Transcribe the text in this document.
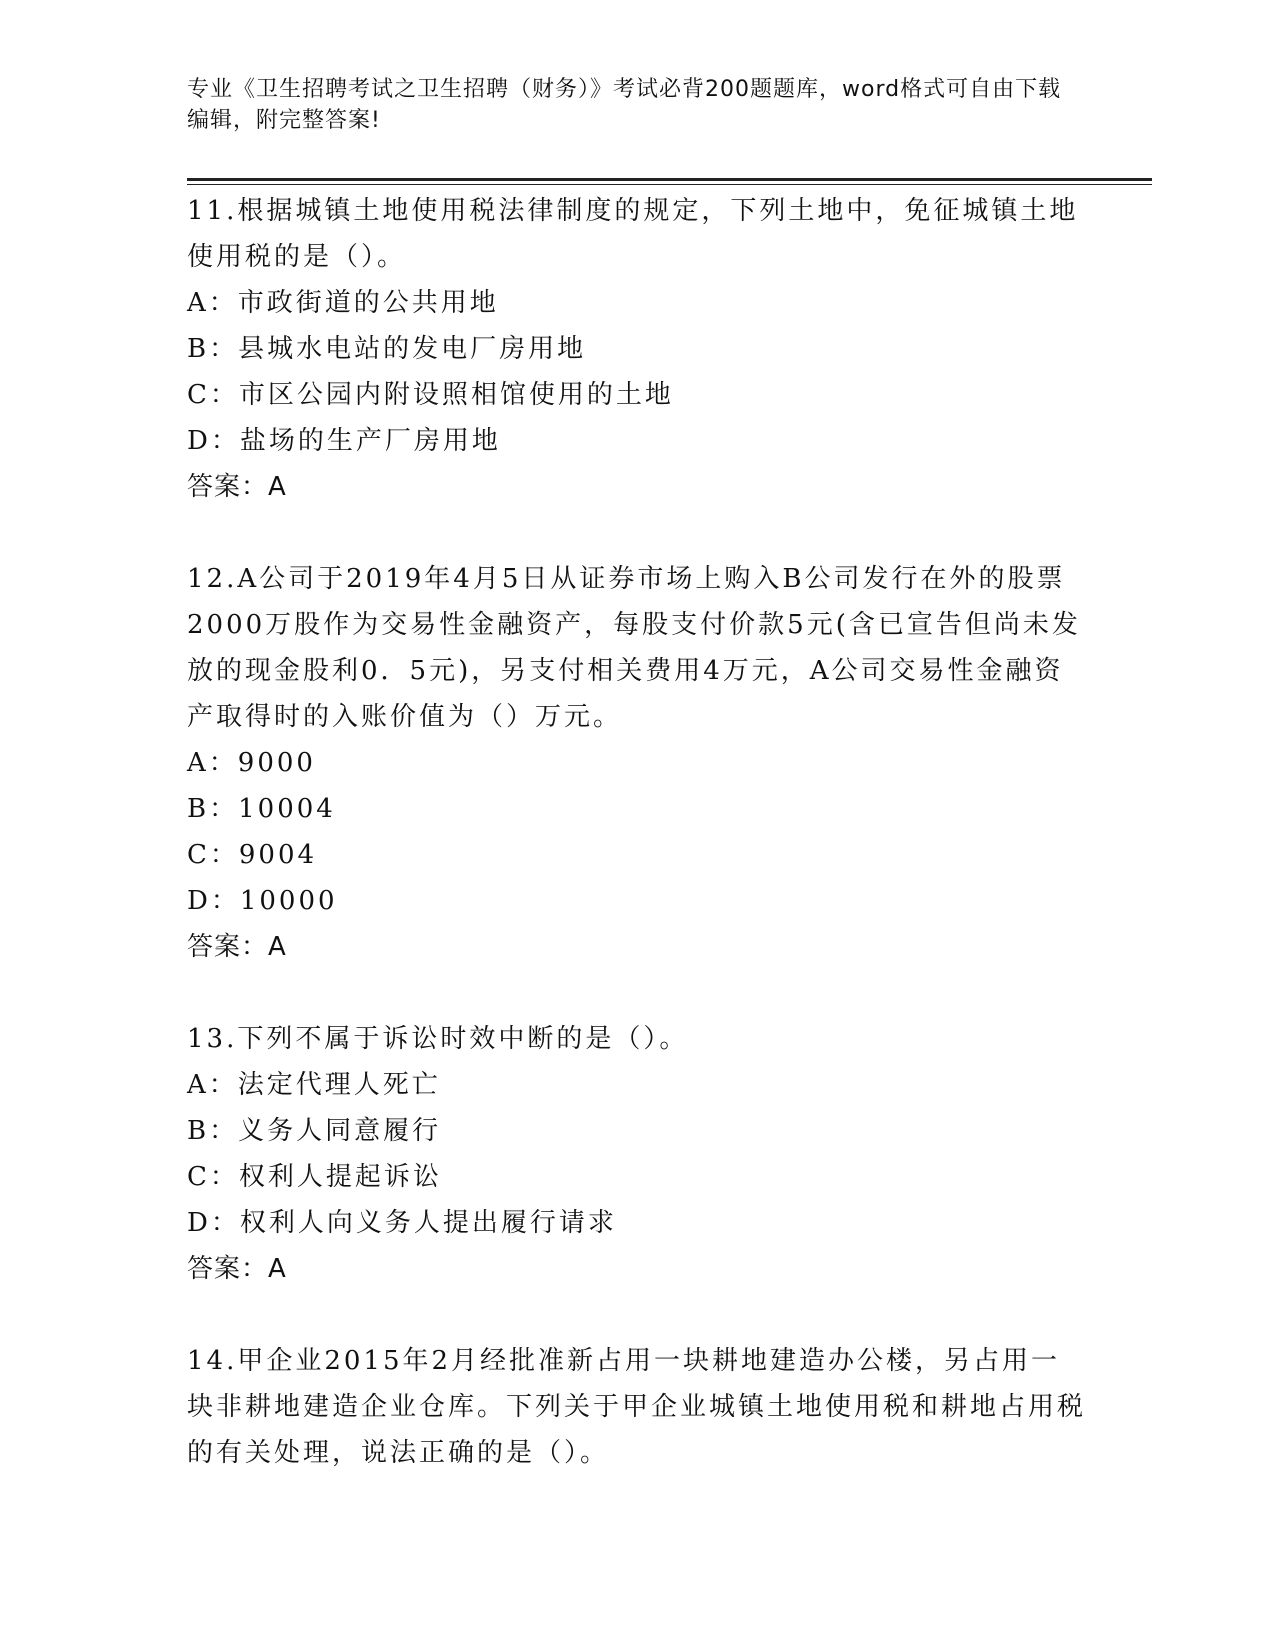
专业《卫生招聘考试之卫生招聘（财务）》考试必背200题题库，word格式可自由下载编辑，附完整答案!

11.根据城镇土地使用税法律制度的规定，下列土地中，免征城镇土地使用税的是（）。

A：市政街道的公共用地

B：县城水电站的发电厂房用地

C：市区公园内附设照相馆使用的土地

D：盐场的生产厂房用地

答案：A

12.A公司于2019年4月5日从证券市场上购入B公司发行在外的股票2000万股作为交易性金融资产，每股支付价款5元(含已宣告但尚未发放的现金股利0．5元)，另支付相关费用4万元，A公司交易性金融资产取得时的入账价值为（）万元。

A：9000

B：10004

C：9004

D：10000

答案：A

13.下列不属于诉讼时效中断的是（）。

A：法定代理人死亡

B：义务人同意履行

C：权利人提起诉讼

D：权利人向义务人提出履行请求

答案：A

14.甲企业2015年2月经批准新占用一块耕地建造办公楼，另占用一块非耕地建造企业仓库。下列关于甲企业城镇土地使用税和耕地占用税的有关处理，说法正确的是（）。
